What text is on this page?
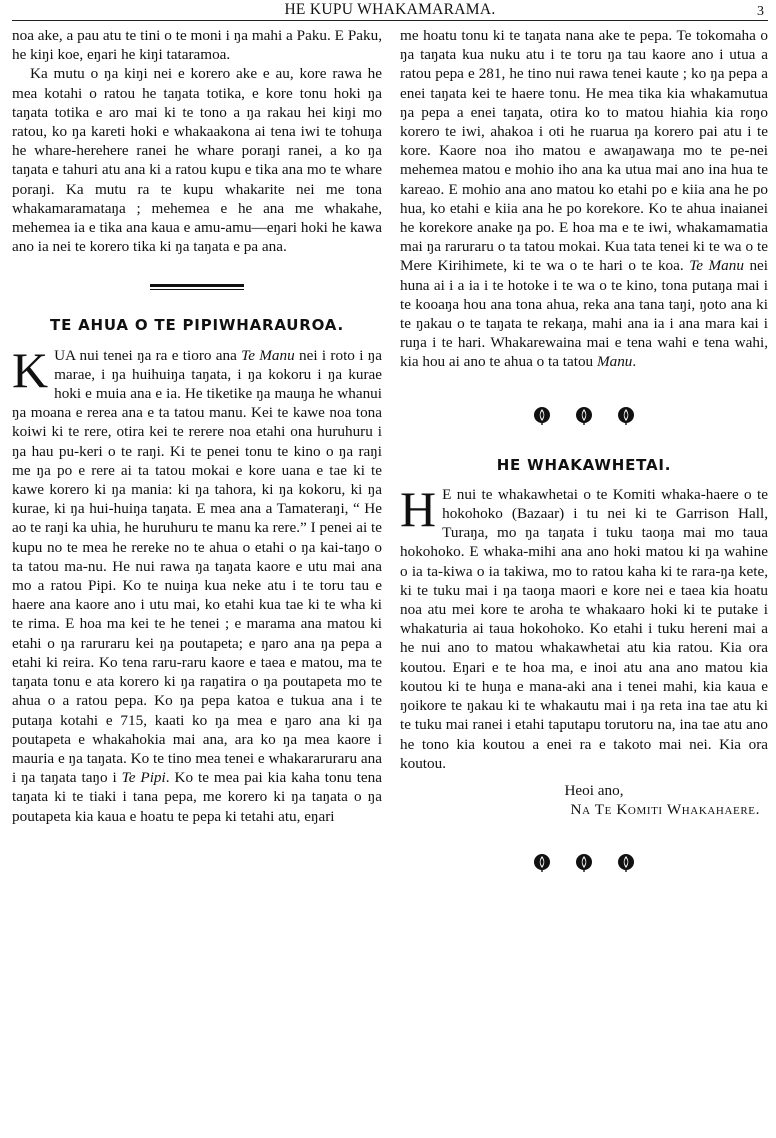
HE KUPU WHAKAMARAMA.	3

noa ake, a pau atu te tini o te moni i ŋa mahi a Paku. E Paku, he kiŋi koe, eŋari he kiŋi tataramoa.

Ka mutu o ŋa kiŋi nei e korero ake e au, kore rawa he mea kotahi o ratou he taŋata totika, e kore tonu hoki ŋa taŋata totika e aro mai ki te tono a ŋa rakau hei kiŋi mo ratou, ko ŋa kareti hoki e whakaakona ai tena iwi te tohuŋa he whare-herehere ranei he whare poraŋi ranei, a ko ŋa taŋata e tahuri atu ana ki a ratou kupu e tika ana mo te whare poraŋi. Ka mutu ra te kupu whakarite nei me tona whakamaramataŋa ; mehemea e he ana me whakahe, mehemea ia e tika ana kaua e amu-amu—eŋari hoki he kawa ano ia nei te korero tika ki ŋa taŋata e pa ana.

TE AHUA O TE PIPIWHARAUROA.

KUA nui tenei ŋa ra e tioro ana Te Manu nei i roto i ŋa marae, i ŋa huihuiŋa taŋata, i ŋa kokoru i ŋa kurae hoki e muia ana e ia. He tiketike ŋa mauŋa he whanui ŋa moana e rerea ana e ta tatou manu. Kei te kawe noa tona koiwi ki te rere, otira kei te rerere noa etahi ona huruhuru i ŋa hau pu-keri o te raŋi. Ki te penei tonu te kino o ŋa raŋi me ŋa po e rere ai ta tatou mokai e kore uana e tae ki te kawe korero ki ŋa mania: ki ŋa tahora, ki ŋa kokoru, ki ŋa kurae, ki ŋa hui-huiŋa taŋata. E mea ana a Tamateraŋi, “ He ao te raŋi ka uhia, he huruhuru te manu ka rere.” I penei ai te kupu no te mea he rereke no te ahua o etahi o ŋa kai-taŋo o ta tatou ma-nu. He nui rawa ŋa taŋata kaore e utu mai ana mo a ratou Pipi. Ko te nuiŋa kua neke atu i te toru tau e haere ana kaore ano i utu mai, ko etahi kua tae ki te wha ki te rima. E hoa ma kei te he tenei ; e marama ana matou ki etahi o ŋa raruraru kei ŋa poutapeta; e ŋaro ana ŋa pepa a etahi ki reira. Ko tena raru-raru kaore e taea e matou, ma te taŋata tonu e ata korero ki ŋa raŋatira o ŋa poutapeta mo te ahua o a ratou pepa. Ko ŋa pepa katoa e tukua ana i te putaŋa kotahi e 715, kaati ko ŋa mea e ŋaro ana ki ŋa poutapeta e whakahokia mai ana, ara ko ŋa mea kaore i mauria e ŋa taŋata. Ko te tino mea tenei e whakararuraru ana i ŋa taŋata taŋo i Te Pipi. Ko te mea pai kia kaha tonu tena taŋata ki te tiaki i tana pepa, me korero ki ŋa taŋata o ŋa poutapeta kia kaua e hoatu te pepa ki tetahi atu, eŋari

me hoatu tonu ki te taŋata nana ake te pepa. Te tokomaha o ŋa taŋata kua nuku atu i te toru ŋa tau kaore ano i utua a ratou pepa e 281, he tino nui rawa tenei kaute ; ko ŋa pepa a enei taŋata kei te haere tonu. He mea tika kia whakamutua ŋa pepa a enei taŋata, otira ko to matou hiahia kia roŋo korero te iwi, ahakoa i oti he ruarua ŋa korero pai atu i te kore. Kaore noa iho matou e awaŋawaŋa mo te pe-nei mehemea matou e mohio iho ana ka utua mai ano ina hua te kareao. E mohio ana ano matou ko etahi po e kiia ana he po hua, ko etahi e kiia ana he po korekore. Ko te ahua inaianei he korekore anake ŋa po. E hoa ma e te iwi, whakamamatia mai ŋa raruraru o ta tatou mokai. Kua tata tenei ki te wa o te Mere Kirihimete, ki te wa o te hari o te koa. Te Manu nei huna ai i a ia i te hotoke i te wa o te kino, tona putaŋa mai i te kooaŋa hou ana tona ahua, reka ana tana taŋi, ŋoto ana ki te ŋakau o te taŋata te rekaŋa, mahi ana ia i ana mara kai i ruŋa i te hari. Whakarewaina mai e tena wahi e tena wahi, kia hou ai ano te ahua o ta tatou Manu.

HE WHAKAWHETAI.

H E nui te whakawhetai o te Komiti whaka-haere o te hokohoko (Bazaar) i tu nei ki te Garrison Hall, Turaŋa, mo ŋa taŋata i tuku taoŋa mai mo taua hokohoko. E whaka-mihi ana ano hoki matou ki ŋa wahine o ia ta-kiwa o ia takiwa, mo to ratou kaha ki te rara-ŋa kete, ki te tuku mai i ŋa taoŋa maori e kore nei e taea kia hoatu noa atu mei kore te aroha te whakaaro hoki ki te putake i whakaturia ai taua hokohoko. Ko etahi i tuku hereni mai a he nui ano to matou whakawhetai atu kia ratou. Kia ora koutou. Eŋari e te hoa ma, e inoi atu ana ano matou kia koutou ki te huŋa e mana-aki ana i tenei mahi, kia kaua e ŋoikore te ŋakau ki te whakautu mai i ŋa reta ina tae atu ki te tuku mai ranei i etahi taputapu torutoru na, ina tae atu ano he tono kia koutou a enei ra e takoto mai nei. Kia ora koutou.

Heoi ano,
Na Te Komiti Whakahaere.
